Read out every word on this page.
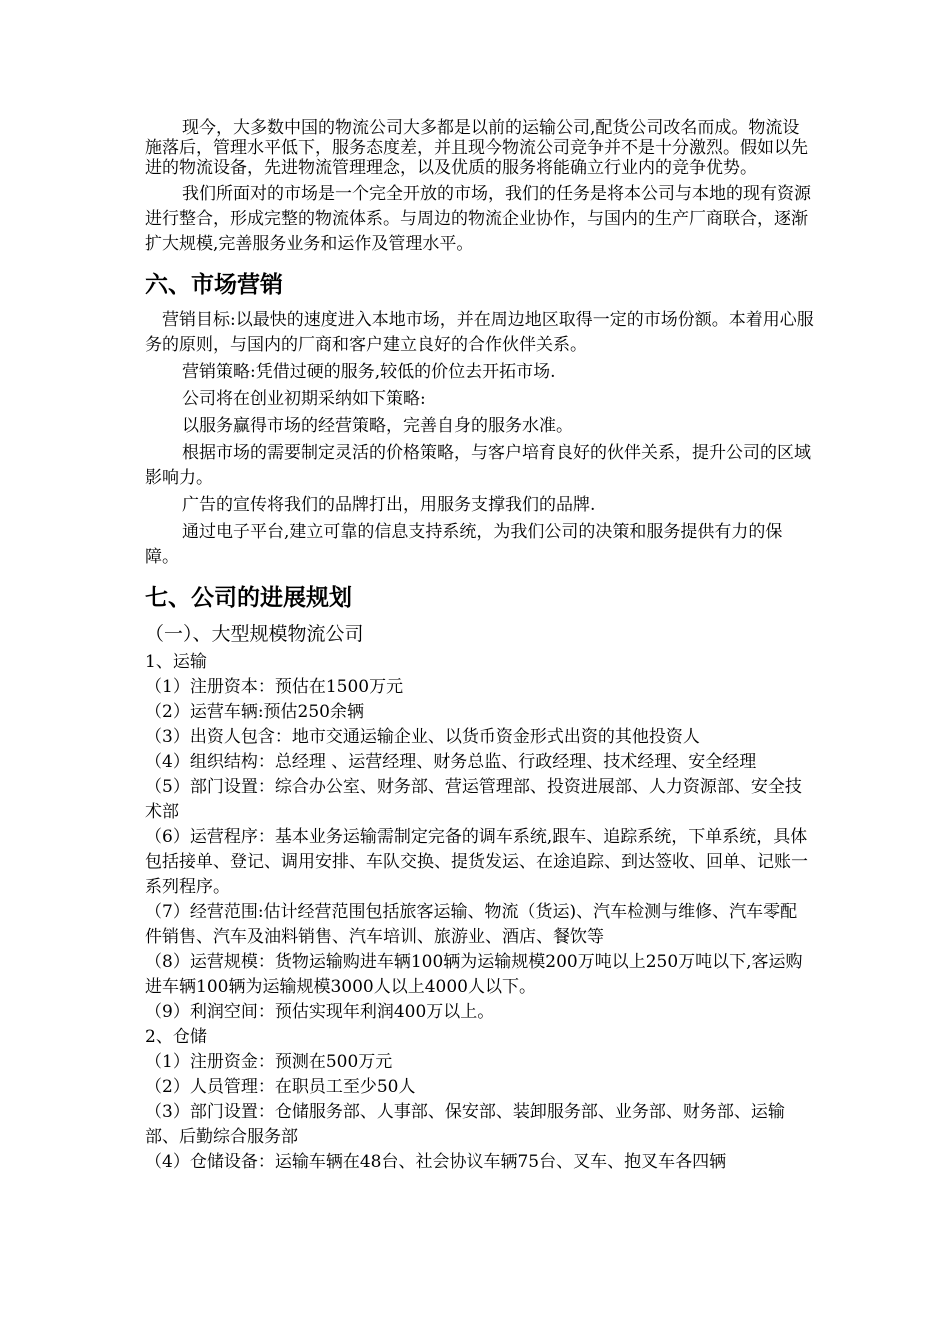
现今，大多数中国的物流公司大多都是以前的运输公司,配货公司改名而成。物流设施落后，管理水平低下，服务态度差，并且现今物流公司竞争并不是十分激烈。假如以先进的物流设备，先进物流管理理念，以及优质的服务将能确立行业内的竞争优势。

我们所面对的市场是一个完全开放的市场，我们的任务是将本公司与本地的现有资源进行整合，形成完整的物流体系。与周边的物流企业协作，与国内的生产厂商联合，逐渐扩大规模,完善服务业务和运作及管理水平。

六、市场营销

营销目标:以最快的速度进入本地市场，并在周边地区取得一定的市场份额。本着用心服务的原则，与国内的厂商和客户建立良好的合作伙伴关系。

营销策略:凭借过硬的服务,较低的价位去开拓市场.

公司将在创业初期采纳如下策略:

以服务赢得市场的经营策略，完善自身的服务水准。

根据市场的需要制定灵活的价格策略，与客户培育良好的伙伴关系，提升公司的区域影响力。

广告的宣传将我们的品牌打出，用服务支撑我们的品牌.

通过电子平台,建立可靠的信息支持系统，为我们公司的决策和服务提供有力的保障。

七、公司的进展规划

（一）、大型规模物流公司

1、运输

（1）注册资本：预估在1500万元

（2）运营车辆:预估250余辆

（3）出资人包含：地市交通运输企业、以货币资金形式出资的其他投资人

（4）组织结构：总经理 、运营经理、财务总监、行政经理、技术经理、安全经理

（5）部门设置：综合办公室、财务部、营运管理部、投资进展部、人力资源部、安全技术部

（6）运营程序：基本业务运输需制定完备的调车系统,跟车、追踪系统，下单系统，具体包括接单、登记、调用安排、车队交换、提货发运、在途追踪、到达签收、回单、记账一系列程序。

（7）经营范围:估计经营范围包括旅客运输、物流（货运)、汽车检测与维修、汽车零配件销售、汽车及油料销售、汽车培训、旅游业、酒店、餐饮等

（8）运营规模：货物运输购进车辆100辆为运输规模200万吨以上250万吨以下,客运购进车辆100辆为运输规模3000人以上4000人以下。

（9）利润空间：预估实现年利润400万以上。

2、仓储

（1）注册资金：预测在500万元

（2）人员管理：在职员工至少50人

（3）部门设置：仓储服务部、人事部、保安部、装卸服务部、业务部、财务部、运输部、后勤综合服务部

（4）仓储设备：运输车辆在48台、社会协议车辆75台、叉车、抱叉车各四辆
